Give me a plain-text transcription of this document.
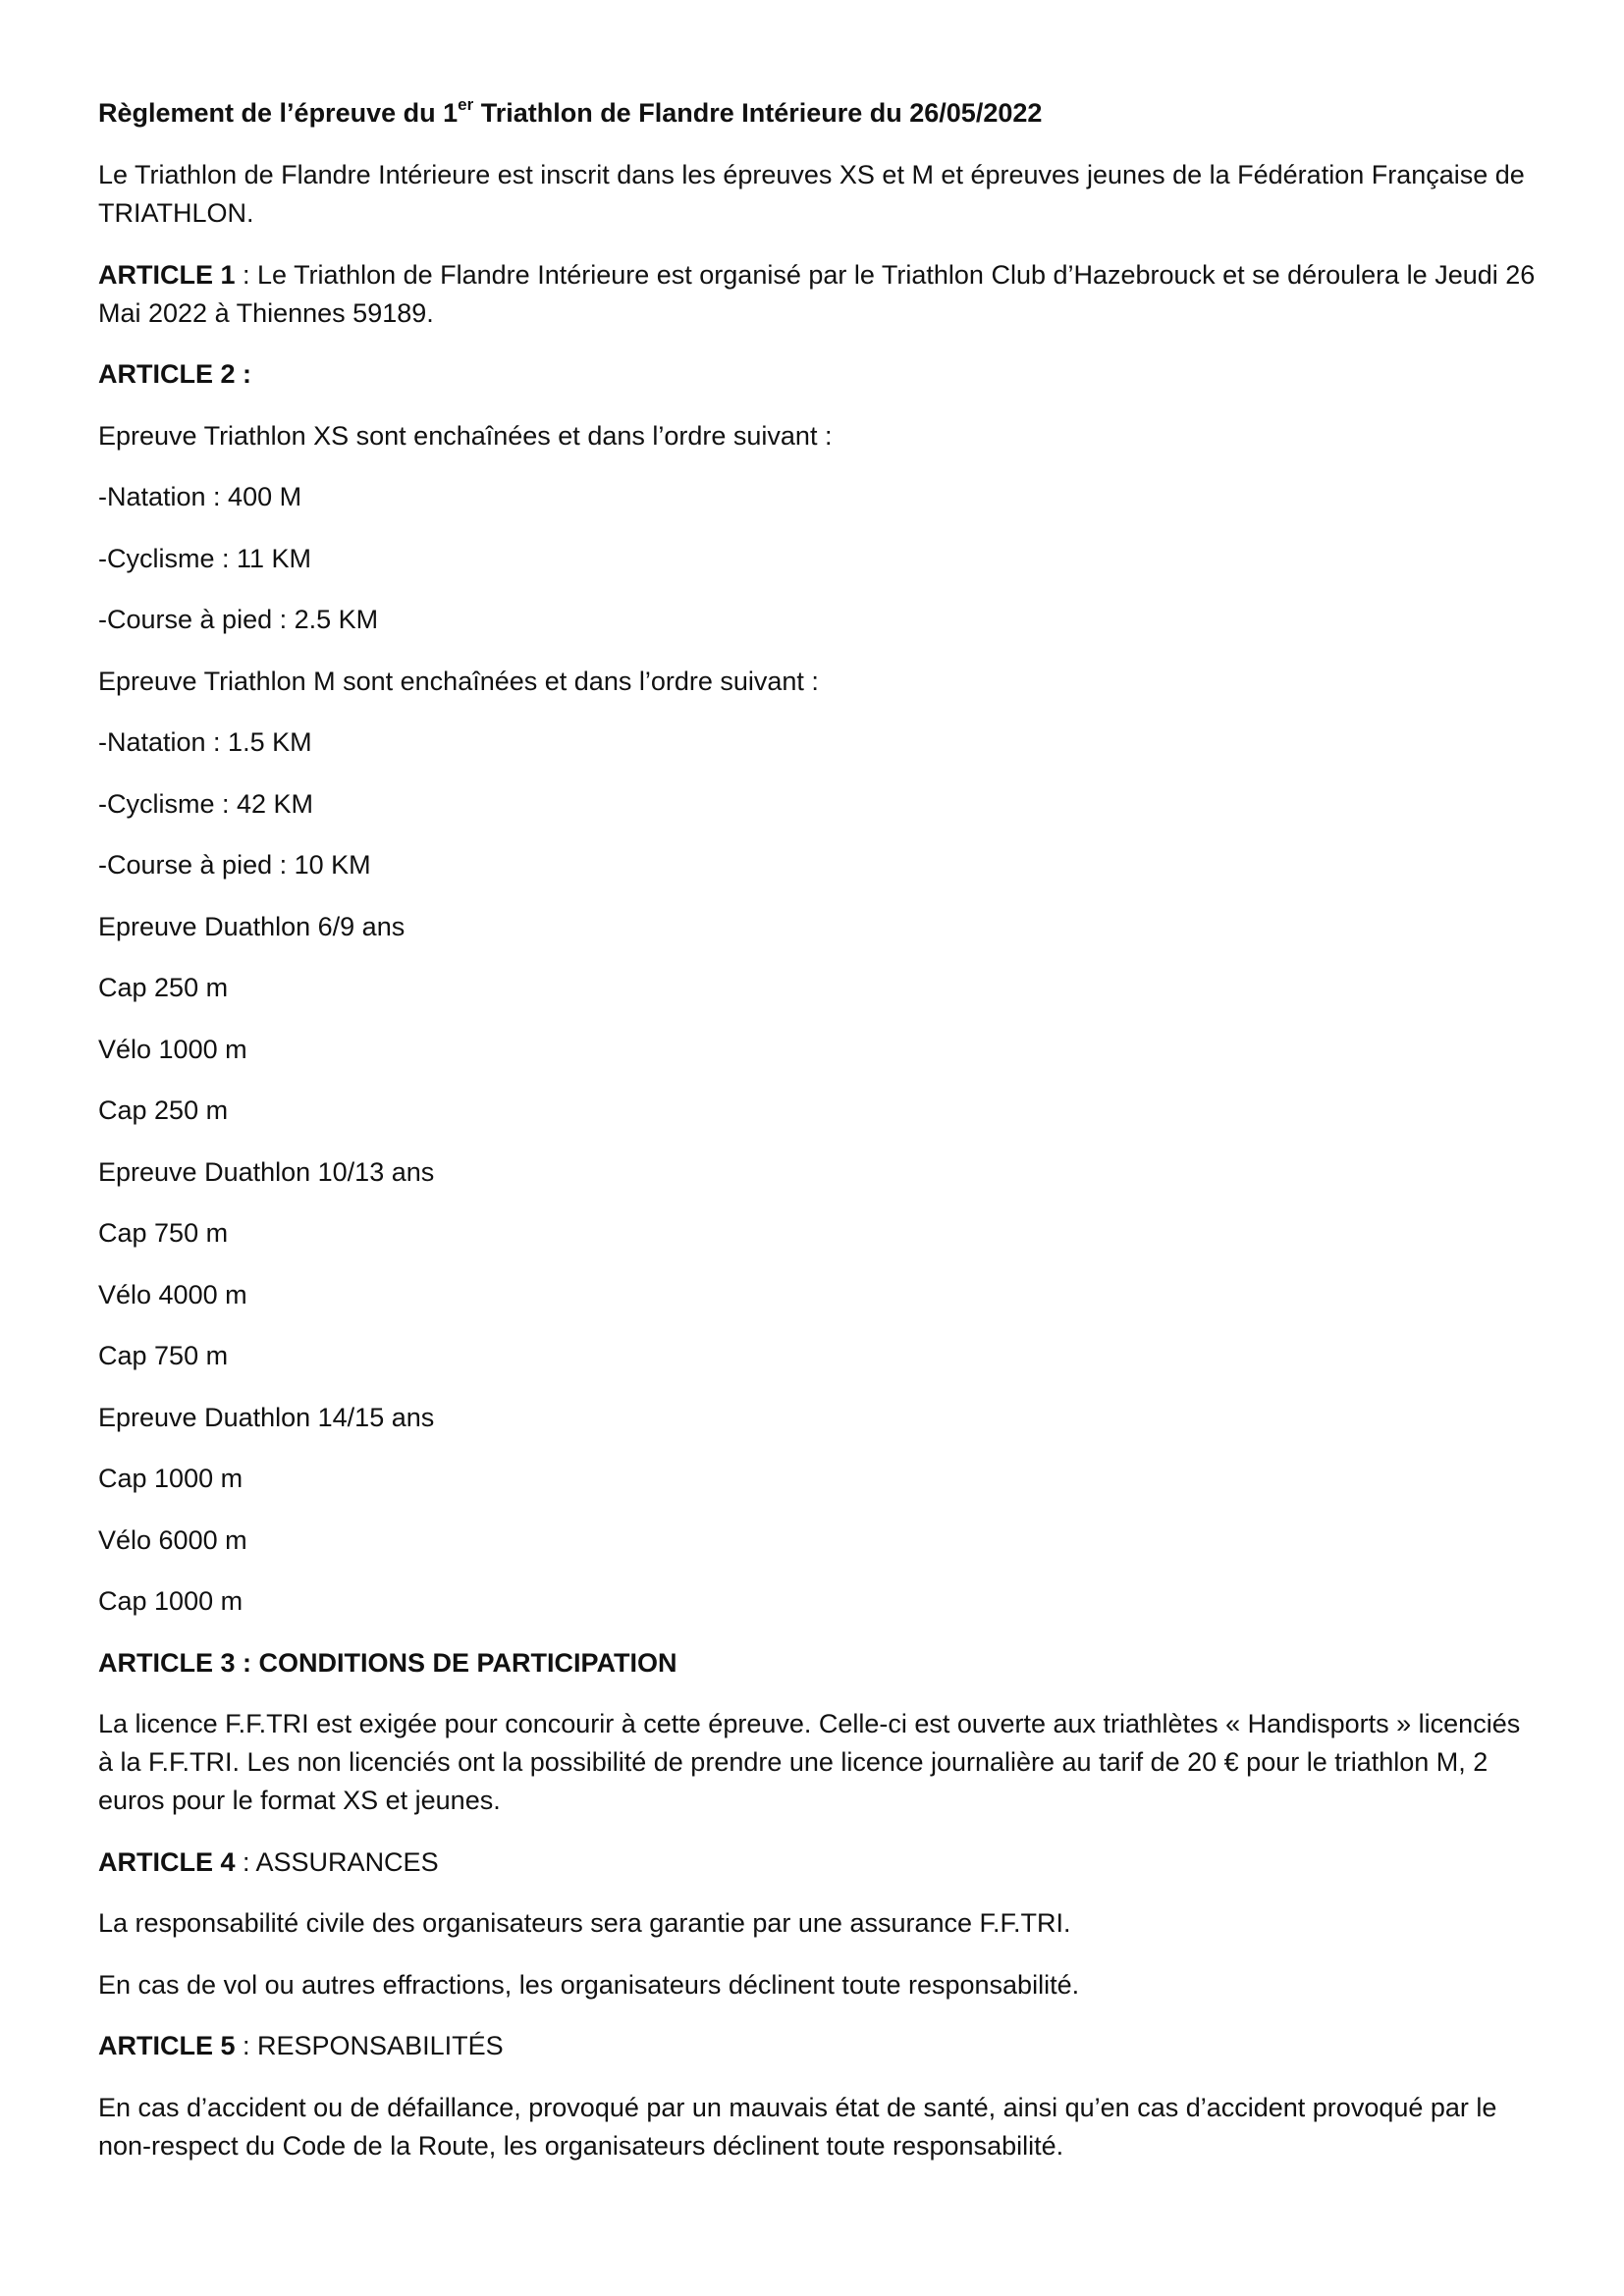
Règlement de l’épreuve du 1er Triathlon de Flandre Intérieure du 26/05/2022

Le Triathlon de Flandre Intérieure est inscrit dans les épreuves XS et M et épreuves jeunes de la Fédération Française de TRIATHLON.

ARTICLE 1 : Le Triathlon de Flandre Intérieure est organisé par le Triathlon Club d’Hazebrouck et se déroulera le Jeudi 26 Mai 2022 à Thiennes 59189.

ARTICLE 2 :

Epreuve Triathlon XS sont enchaînées et dans l’ordre suivant :

-Natation : 400 M

-Cyclisme : 11 KM

-Course à pied : 2.5 KM

Epreuve Triathlon M sont enchaînées et dans l’ordre suivant :

-Natation : 1.5 KM

-Cyclisme : 42 KM

-Course à pied : 10 KM

Epreuve Duathlon 6/9 ans

Cap 250 m

Vélo 1000 m

Cap 250 m

Epreuve Duathlon 10/13 ans

Cap 750 m

Vélo 4000 m

Cap 750 m

Epreuve Duathlon 14/15 ans

Cap 1000 m

Vélo 6000 m

Cap 1000 m

ARTICLE 3 : CONDITIONS DE PARTICIPATION

La licence F.F.TRI est exigée pour concourir à cette épreuve. Celle-ci est ouverte aux triathlètes « Handisports » licenciés à la F.F.TRI. Les non licenciés ont la possibilité de prendre une licence journalière au tarif de 20 € pour le triathlon M, 2 euros pour le format XS et jeunes.

ARTICLE 4 : ASSURANCES

La responsabilité civile des organisateurs sera garantie par une assurance F.F.TRI.

En cas de vol ou autres effractions, les organisateurs déclinent toute responsabilité.

ARTICLE 5 : RESPONSABILITÉS

En cas d’accident ou de défaillance, provoqué par un mauvais état de santé, ainsi qu’en cas d’accident provoqué par le non-respect du Code de la Route, les organisateurs déclinent toute responsabilité.
